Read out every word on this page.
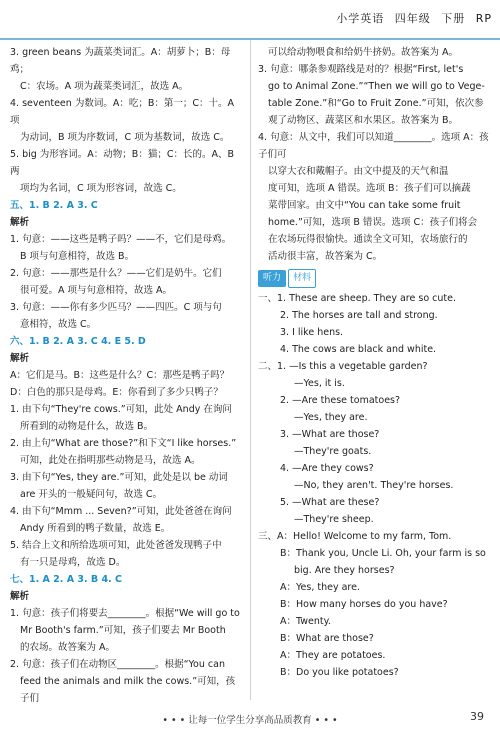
小学英语 四年级 下册 RP
3. green beans 为蔬菜类词汇。A：胡萝卜；B：母鸡；
C：农场。A 项为蔬菜类词汇，故选 A。
4. seventeen 为数词。A：吃；B：第一；C：十。A 项
为动词，B 项为序数词，C 项为基数词，故选 C。
5. big 为形容词。A：动物；B：猫；C：长的。A、B 两
项均为名词，C 项为形容词，故选 C。
五、1. B 2. A 3. C
解析
1. 句意：——这些是鸭子吗？——不，它们是母鸡。
B 项与句意相符，故选 B。
2. 句意：——那些是什么？——它们是奶牛。它们
很可爱。A 项与句意相符，故选 A。
3. 句意：——你有多少匹马？——四匹。C 项与句
意相符，故选 C。
六、1. B 2. A 3. C 4. E 5. D
解析
A：它们是马。B：这些是什么？C：那些是鸭子吗？
D：白色的那只是母鸡。E：你看到了多少只鸭子？
1. 由下句“They're cows.”可知，此处 Andy 在询问
所看到的动物是什么，故选 B。
2. 由上句“What are those?”和下文“I like horses.”
可知，此处在指明那些动物是马，故选 A。
3. 由下句“Yes, they are.”可知，此处是以 be 动词
are 开头的一般疑问句，故选 C。
4. 由下句“Mmm ... Seven?”可知，此处爸爸在询问
Andy 所看到的鸭子数量，故选 E。
5. 结合上文和所给选项可知，此处爸爸发现鸭子中
有一只是母鸡，故选 D。
七、1. A 2. A 3. B 4. C
解析
1. 句意：孩子们将要去________。根据“We will go to
Mr Booth's farm.”可知，孩子们要去 Mr Booth
的农场。故答案为 A。
2. 句意：孩子们在动物区________。根据“You can
feed the animals and milk the cows.”可知，孩子们
可以给动物喂食和给奶牛挤奶。故答案为 A。
3. 句意：哪条参观路线是对的？根据“First, let's
go to Animal Zone.”“Then we will go to Vege-
table Zone.”和“Go to Fruit Zone.”可知，依次参
观了动物区、蔬菜区和水果区。故答案为 B。
4. 句意：从文中，我们可以知道________。选项 A：孩子们可
以穿大衣和戴帽子。由文中提及的天气和温
度可知，选项 A 错误。选项 B：孩子们可以摘蔬
菜带回家。由文中“You can take some fruit
home.”可知，选项 B 错误。选项 C：孩子们将会
在农场玩得很愉快。通读全文可知，农场旅行的
活动很丰富，故答案为 C。
听力 材料
一、1. These are sheep. They are so cute.
2. The horses are tall and strong.
3. I like hens.
4. The cows are black and white.
二、1. —Is this a vegetable garden?
—Yes, it is.
2. —Are these tomatoes?
—Yes, they are.
3. —What are those?
—They're goats.
4. —Are they cows?
—No, they aren't. They're horses.
5. —What are these?
—They're sheep.
三、A：Hello! Welcome to my farm, Tom.
B：Thank you, Uncle Li. Oh, your farm is so
big. Are they horses?
A：Yes, they are.
B：How many horses do you have?
A：Twenty.
B：What are those?
A：They are potatoes.
B：Do you like potatoes?
• • • 让每一位学生分享高品质教育 • • •	39
